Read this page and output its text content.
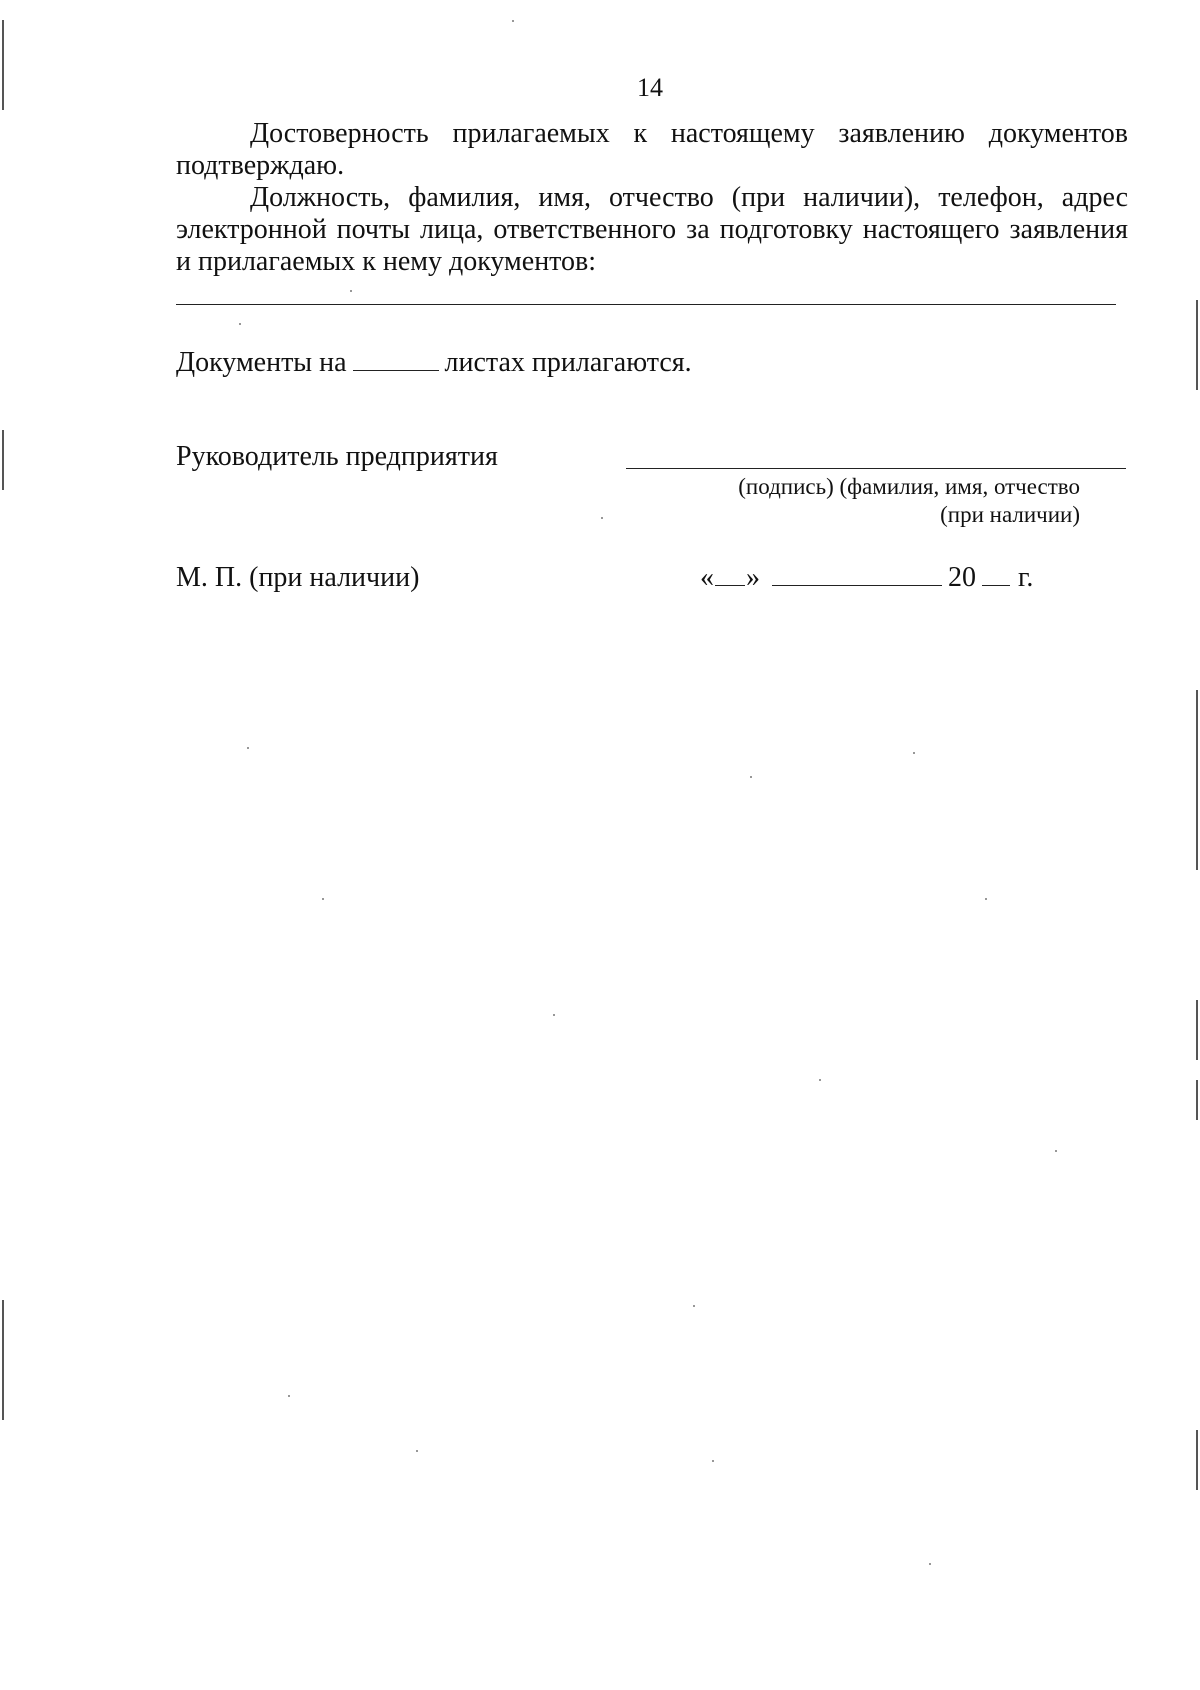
14

Достоверность прилагаемых к настоящему заявлению документов подтверждаю.

Должность, фамилия, имя, отчество (при наличии), телефон, адрес электронной почты лица, ответственного за подготовку настоящего заявления и прилагаемых к нему документов:

Документы на	листах прилагаются.
Руководитель предприятия
(подпись) (фамилия, имя, отчество
(при наличии)
М. П. (при наличии)	« »	20 г.
